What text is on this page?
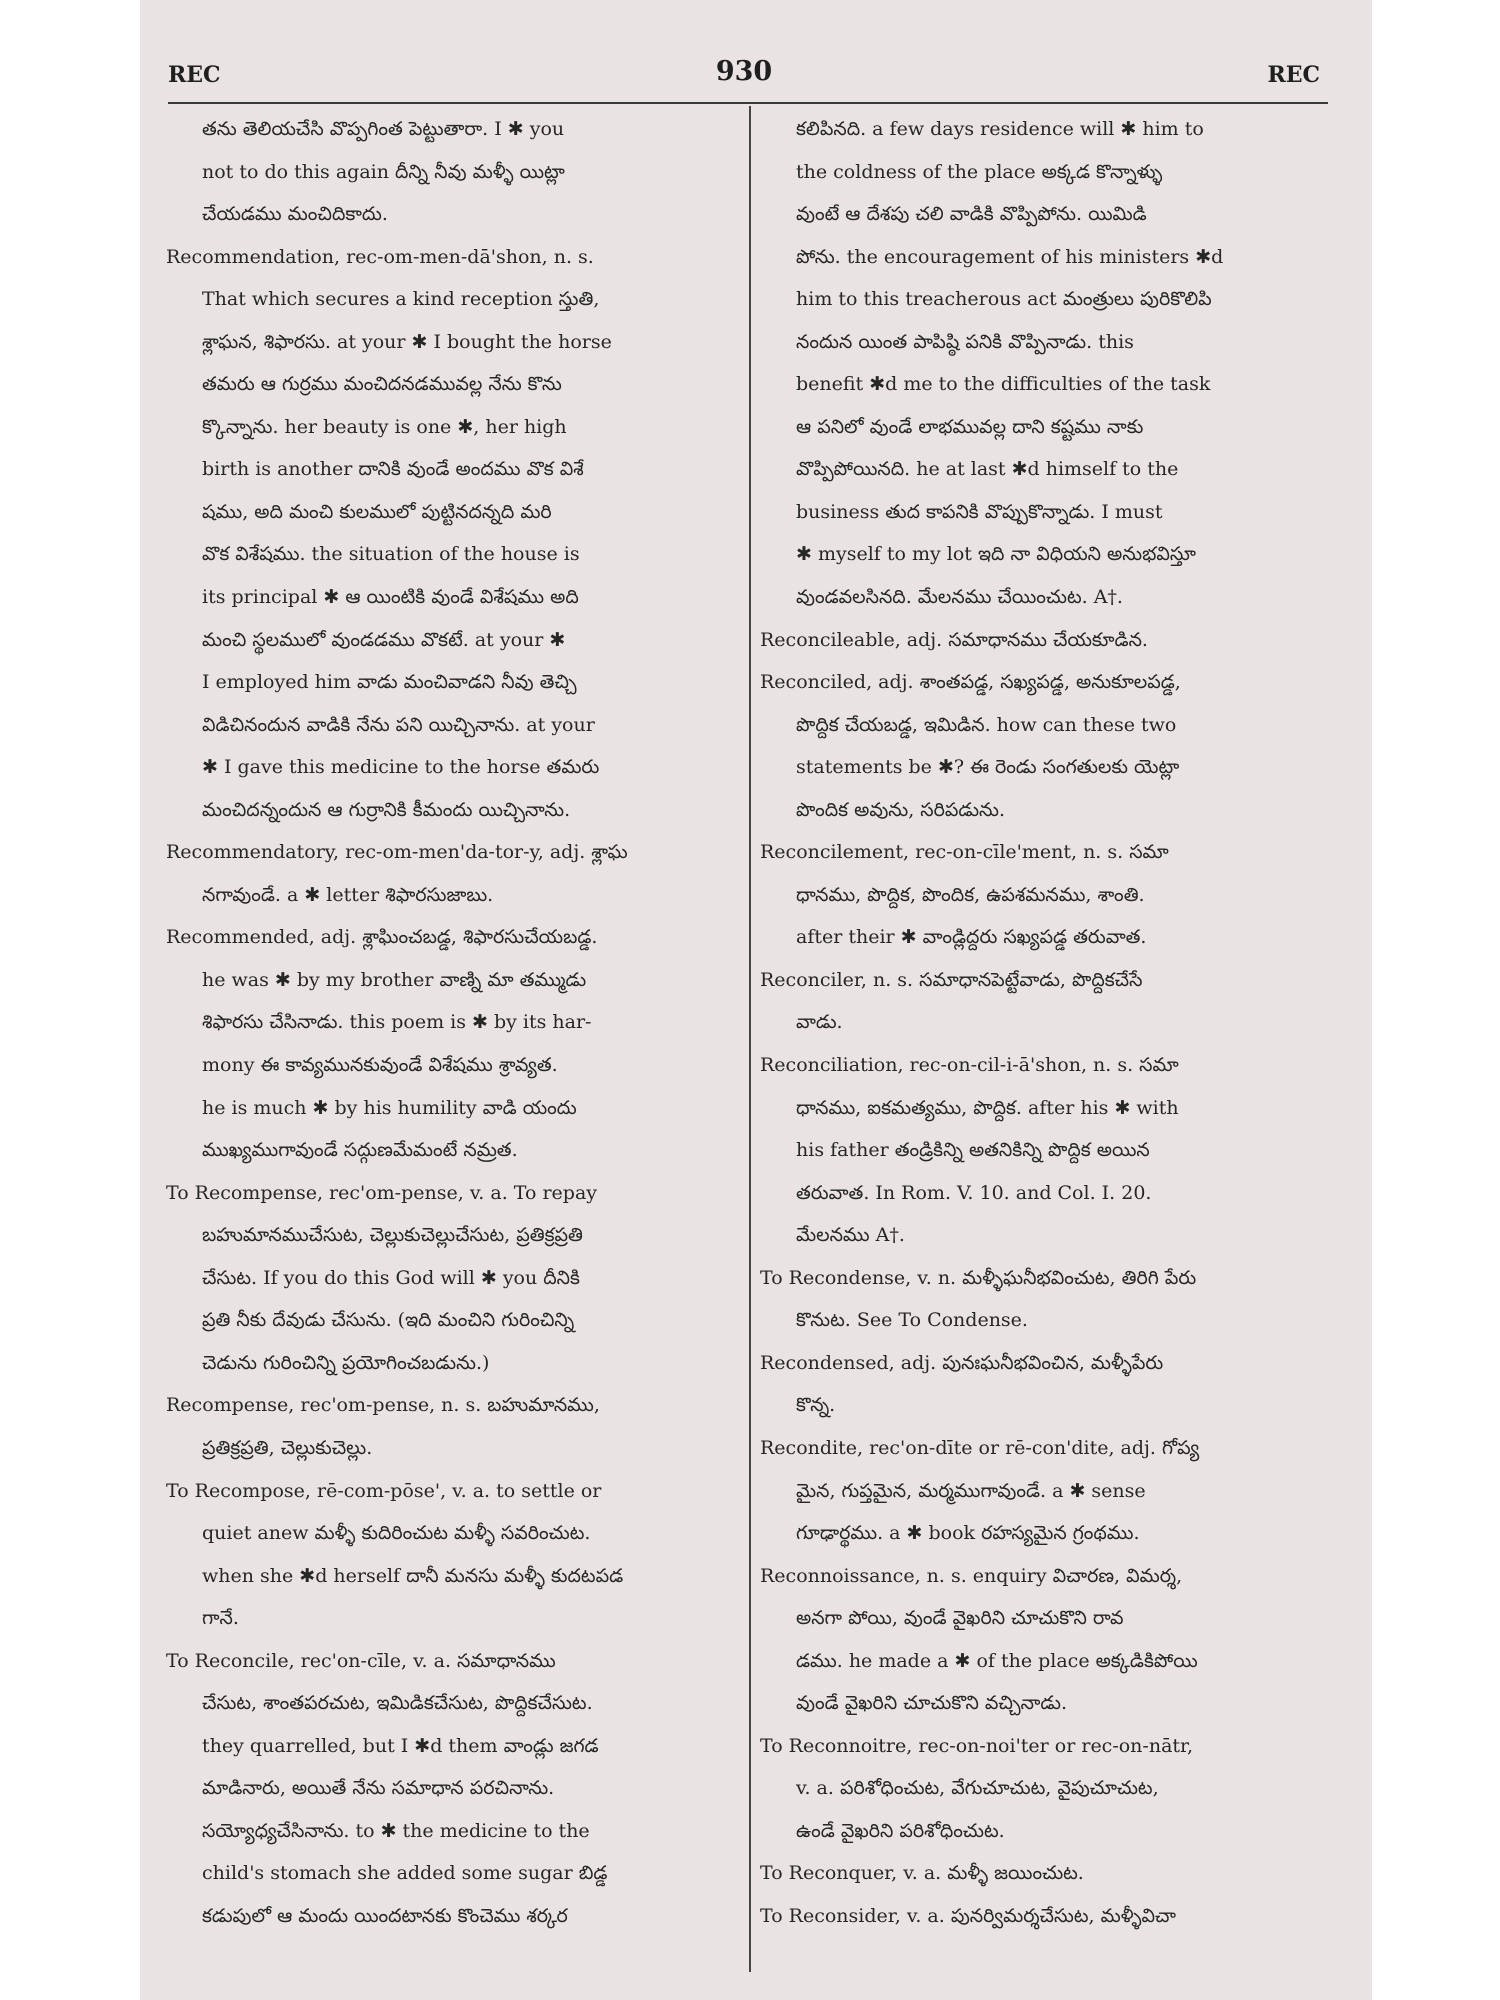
REC	930	REC
తను తెలియచేసి వొప్పగింత పెట్టుతారా. I ✱ you
not to do this again దీన్ని నీవు మళ్ళీ యిట్లా
చేయడము మంచిదికాదు.
Recommendation, rec-om-men-dā'shon, n. s.
That which secures a kind reception స్తుతి,
శ్లాఘన, శిఫారసు. at your ✱ I bought the horse
తమరు ఆ గుర్రము మంచిదనడమువల్ల నేను కొను
క్కొన్నాను. her beauty is one ✱, her high
birth is another దానికి వుండే అందము వొక విశే
షము, అది మంచి కులములో పుట్టినదన్నది మరి
వొక విశేషము. the situation of the house is
its principal ✱ ఆ యింటికి వుండే విశేషము అది
మంచి స్థలములో వుండడము వొకటే. at your ✱
I employed him వాడు మంచివాడని నీవు తెచ్చి
విడిచినందున వాడికి నేను పని యిచ్చినాను. at your
✱ I gave this medicine to the horse తమరు
మంచిదన్నందున ఆ గుర్రానికి కీమందు యిచ్చినాను.
Recommendatory, rec-om-men'da-tor-y, adj. శ్లాఘ
నగావుండే. a ✱ letter శిఫారసుజాబు.
Recommended, adj. శ్లాఘించబడ్డ, శిఫారసుచేయబడ్డ.
he was ✱ by my brother వాణ్ని మా తమ్ముడు
శిఫారసు చేసినాడు. this poem is ✱ by its har-
mony ఈ కావ్యమునకువుండే విశేషము శ్రావ్యత.
he is much ✱ by his humility వాడి యందు
ముఖ్యముగావుండే సద్గుణమేమంటే నమ్రత.
To Recompense, rec'om-pense, v. a. To repay
బహుమానముచేసుట, చెల్లుకుచెల్లుచేసుట, ప్రతిక్రప్రతి
చేసుట. If you do this God will ✱ you దీనికి
ప్రతి నీకు దేవుడు చేసును. (ఇది మంచిని గురించిన్ని
చెడును గురించిన్ని ప్రయోగించబడును.)
Recompense, rec'om-pense, n. s. బహుమానము,
ప్రతిక్రప్రతి, చెల్లుకుచెల్లు.
To Recompose, rē-com-pōse', v. a. to settle or
quiet anew మళ్ళీ కుదిరించుట మళ్ళీ సవరించుట.
when she ✱d herself దానీ మనసు మళ్ళీ కుదటపడ
గానే.
To Reconcile, rec'on-cīle, v. a. సమాధానము
చేసుట, శాంతపరచుట, ఇమిడికచేసుట, పొద్దికచేసుట.
they quarrelled, but I ✱d them వాండ్లు జగడ
మాడినారు, అయితే నేను సమాధాన పరచినాను.
సయ్యోధ్యచేసినాను. to ✱ the medicine to the
child's stomach she added some sugar బిడ్డ
కడుపులో ఆ మందు యిందటానకు కొంచెము శర్కర
కలిపినది. a few days residence will ✱ him to
the coldness of the place అక్కడ కొన్నాళ్ళు
వుంటే ఆ దేశపు చలి వాడికి వొప్పిపోను. యిమిడి
పోను. the encouragement of his ministers ✱d
him to this treacherous act మంత్రులు పురికొలిపి
నందున యింత పాపిష్ఠి పనికి వొప్పినాడు. this
benefit ✱d me to the difficulties of the task
ఆ పనిలో వుండే లాభమువల్ల దాని కష్టము నాకు
వొప్పిపోయినది. he at last ✱d himself to the
business తుద కాపనికి వొప్పుకొన్నాడు. I must
✱ myself to my lot ఇది నా విధియని అనుభవిస్తూ
వుండవలసినది. మేలనము చేయించుట. A†.
Reconcileable, adj. సమాధానము చేయకూడిన.
Reconciled, adj. శాంతపడ్డ, సఖ్యపడ్డ, అనుకూలపడ్డ,
పొద్దిక చేయబడ్డ, ఇమిడిన. how can these two
statements be ✱? ఈ రెండు సంగతులకు యెట్లా
పొందిక అవును, సరిపడును.
Reconcilement, rec-on-cīle'ment, n. s. సమా
ధానము, పొద్దిక, పొందిక, ఉపశమనము, శాంతి.
after their ✱ వాండ్లిద్దరు సఖ్యపడ్డ తరువాత.
Reconciler, n. s. సమాధానపెట్టేవాడు, పొద్దికచేసే
వాడు.
Reconciliation, rec-on-cil-i-ā'shon, n. s. సమా
ధానము, ఐకమత్యము, పొద్దిక. after his ✱ with
his father తండ్రికిన్ని అతనికిన్ని పొద్దిక అయిన
తరువాత. In Rom. V. 10. and Col. I. 20.
మేలనము A†.
To Recondense, v. n. మళ్ళీఘనీభవించుట, తిరిగి పేరు
కొనుట. See To Condense.
Recondensed, adj. పునఃఘనీభవించిన, మళ్ళీపేరు
కొన్న.
Recondite, rec'on-dīte or rē-con'dite, adj. గోప్య
మైన, గుప్తమైన, మర్మముగావుండే. a ✱ sense
గూఢార్థము. a ✱ book రహస్యమైన గ్రంథము.
Reconnoissance, n. s. enquiry విచారణ, విమర్శ,
అనగా పోయి, వుండే వైఖరిని చూచుకొని రావ
డము. he made a ✱ of the place అక్కడికిపోయి
వుండే వైఖరిని చూచుకొని వచ్చినాడు.
To Reconnoitre, rec-on-noi'ter or rec-on-nātr,
v. a. పరిశోధించుట, వేగుచూచుట, వైపుచూచుట,
ఉండే వైఖరిని పరిశోధించుట.
To Reconquer, v. a. మళ్ళీ జయించుట.
To Reconsider, v. a. పునర్విమర్శచేసుట, మళ్ళీవిచా
